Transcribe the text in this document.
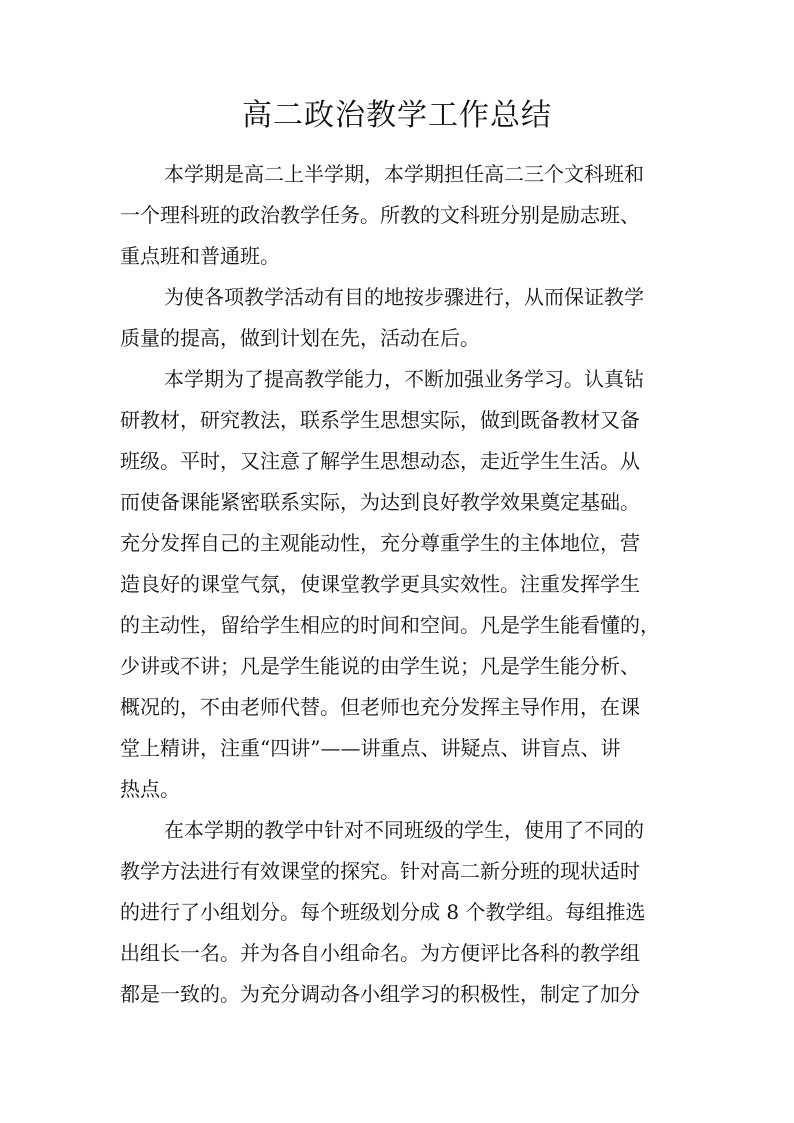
高二政治教学工作总结
本学期是高二上半学期，本学期担任高二三个文科班和
一个理科班的政治教学任务。所教的文科班分别是励志班、
重点班和普通班。
为使各项教学活动有目的地按步骤进行，从而保证教学
质量的提高，做到计划在先，活动在后。
本学期为了提高教学能力，不断加强业务学习。认真钻
研教材，研究教法，联系学生思想实际，做到既备教材又备
班级。平时，又注意了解学生思想动态，走近学生生活。从
而使备课能紧密联系实际，为达到良好教学效果奠定基础。
充分发挥自己的主观能动性，充分尊重学生的主体地位，营
造良好的课堂气氛，使课堂教学更具实效性。注重发挥学生
的主动性，留给学生相应的时间和空间。凡是学生能看懂的，
少讲或不讲；凡是学生能说的由学生说；凡是学生能分析、
概况的，不由老师代替。但老师也充分发挥主导作用，在课
堂上精讲，注重“四讲”——讲重点、讲疑点、讲盲点、讲
热点。
在本学期的教学中针对不同班级的学生，使用了不同的
教学方法进行有效课堂的探究。针对高二新分班的现状适时
的进行了小组划分。每个班级划分成 8 个教学组。每组推选
出组长一名。并为各自小组命名。为方便评比各科的教学组
都是一致的。为充分调动各小组学习的积极性，制定了加分
